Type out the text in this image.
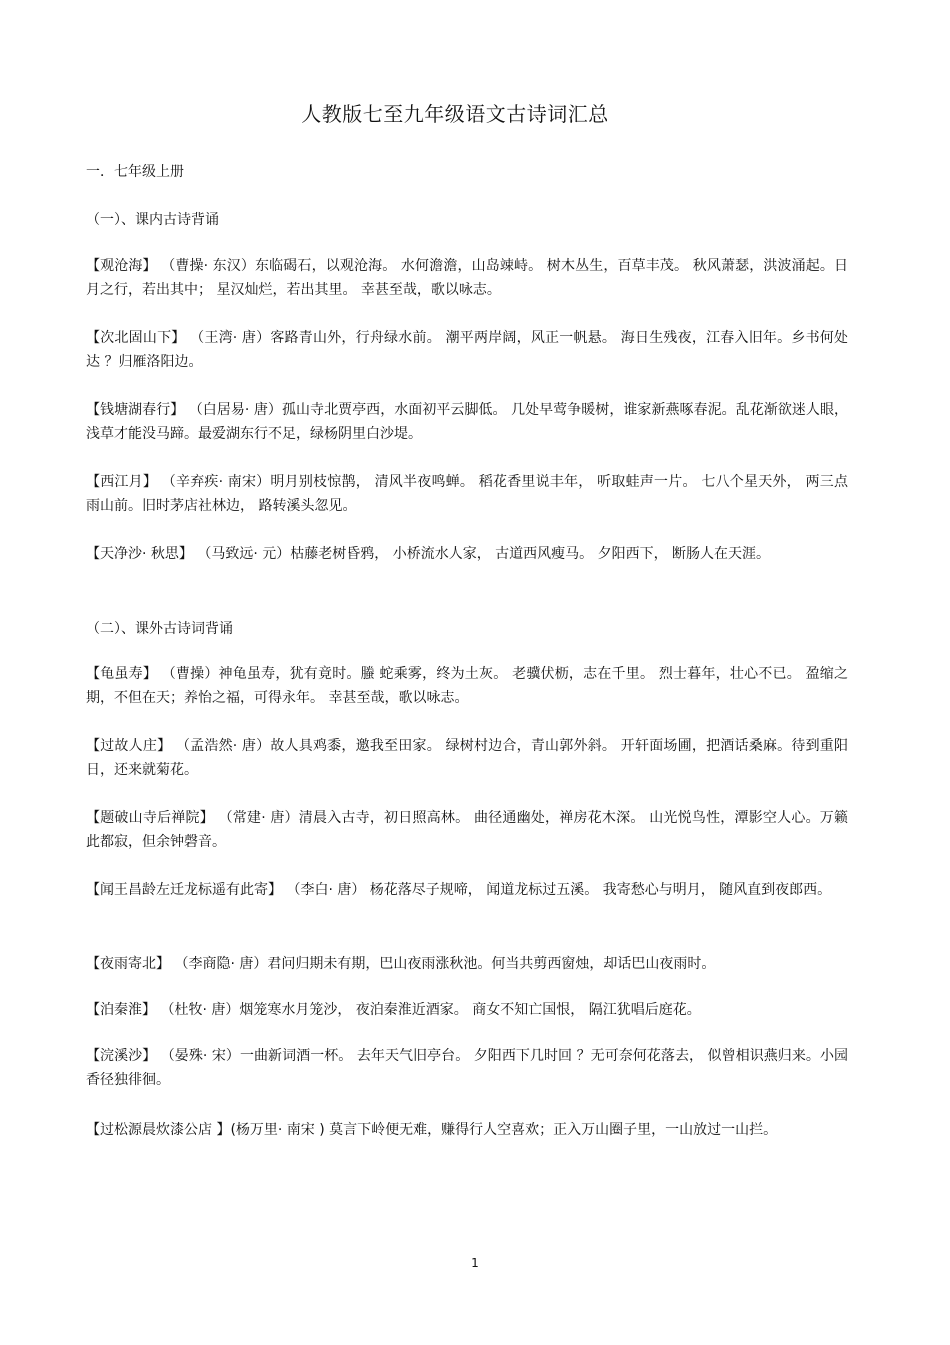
人教版七至九年级语文古诗词汇总
一．七年级上册
（一）、课内古诗背诵
【观沧海】 （曹操· 东汉）东临碣石，以观沧海。 水何澹澹，山岛竦峙。 树木丛生，百草丰茂。 秋风萧瑟，洪波涌起。日月之行，若出其中； 星汉灿烂，若出其里。 幸甚至哉，歌以咏志。
【次北固山下】 （王湾· 唐）客路青山外，行舟绿水前。 潮平两岸阔，风正一帆悬。 海日生残夜，江春入旧年。乡书何处达 ？归雁洛阳边。
【钱塘湖春行】 （白居易· 唐）孤山寺北贾亭西，水面初平云脚低。 几处早莺争暖树，谁家新燕啄春泥。乱花渐欲迷人眼，浅草才能没马蹄。最爱湖东行不足，绿杨阴里白沙堤。
【西江月】 （辛弃疾· 南宋）明月别枝惊鹊， 清风半夜鸣蝉。 稻花香里说丰年， 听取蛙声一片。 七八个星天外， 两三点雨山前。旧时茅店社林边， 路转溪头忽见。
【天净沙· 秋思】 （马致远· 元）枯藤老树昏鸦， 小桥流水人家， 古道西风瘦马。 夕阳西下， 断肠人在天涯。
（二）、课外古诗词背诵
【龟虽寿】 （曹操）神龟虽寿，犹有竟时。螣 蛇乘雾，终为土灰。 老骥伏枥，志在千里。 烈士暮年，壮心不已。 盈缩之期，不但在天；养怡之福，可得永年。 幸甚至哉，歌以咏志。
【过故人庄】 （孟浩然· 唐）故人具鸡黍，邀我至田家。 绿树村边合，青山郭外斜。 开轩面场圃，把酒话桑麻。待到重阳日，还来就菊花。
【题破山寺后禅院】 （常建· 唐）清晨入古寺，初日照高林。 曲径通幽处，禅房花木深。 山光悦鸟性，潭影空人心。万籁此都寂，但余钟磬音。
【闻王昌龄左迁龙标遥有此寄】 （李白· 唐） 杨花落尽子规啼， 闻道龙标过五溪。 我寄愁心与明月， 随风直到夜郎西。
【夜雨寄北】 （李商隐· 唐）君问归期未有期，巴山夜雨涨秋池。何当共剪西窗烛，却话巴山夜雨时。
【泊秦淮】 （杜牧· 唐）烟笼寒水月笼沙， 夜泊秦淮近酒家。 商女不知亡国恨， 隔江犹唱后庭花。
【浣溪沙】 （晏殊· 宋）一曲新词酒一杯。 去年天气旧亭台。 夕阳西下几时回 ？无可奈何花落去， 似曾相识燕归来。小园香径独徘徊。
【过松源晨炊漆公店 】(杨万里· 南宋 ) 莫言下岭便无难，赚得行人空喜欢；正入万山圈子里，一山放过一山拦。
1
